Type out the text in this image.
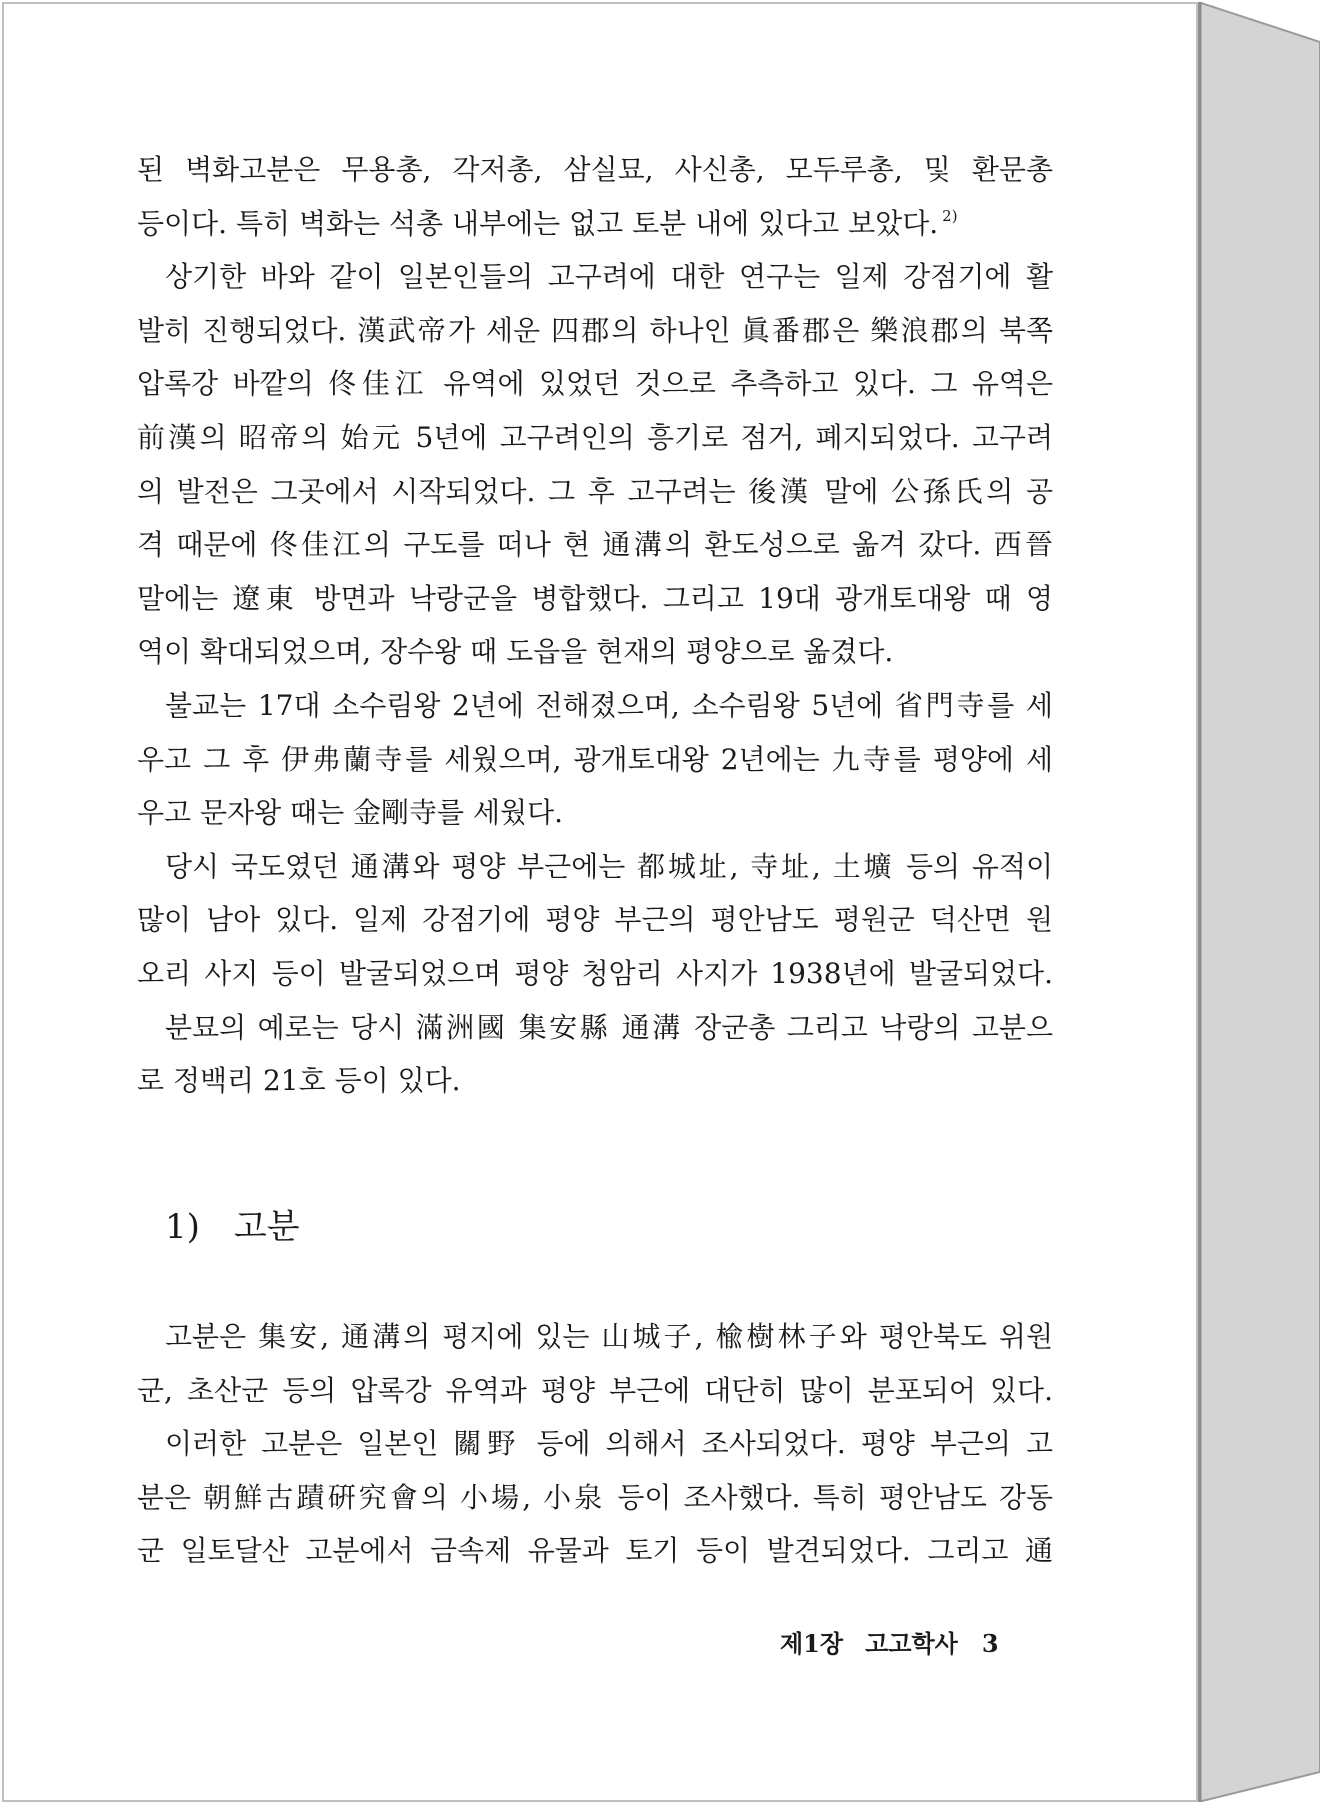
된 벽화고분은 무용총, 각저총, 삼실묘, 사신총, 모두루총, 및 환문총
등이다. 특히 벽화는 석총 내부에는 없고 토분 내에 있다고 보았다. $^{2)}$
상기한 바와 같이 일본인들의 고구려에 대한 연구는 일제 강점기에 활
발히 진행되었다. 漢武帝가 세운 四郡의 하나인 眞番郡은 樂浪郡의 북쪽
압록강 바깥의 佟佳江 유역에 있었던 것으로 추측하고 있다. 그 유역은
前漢의 昭帝의 始元 5년에 고구려인의 흥기로 점거, 폐지되었다. 고구려
의 발전은 그곳에서 시작되었다. 그 후 고구려는 後漢 말에 公孫氏의 공
격 때문에 佟佳江의 구도를 떠나 현 通溝의 환도성으로 옮겨 갔다. 西晉
말에는 遼東 방면과 낙랑군을 병합했다. 그리고 19대 광개토대왕 때 영
역이 확대되었으며, 장수왕 때 도읍을 현재의 평양으로 옮겼다.
불교는 17대 소수림왕 2년에 전해졌으며, 소수림왕 5년에 省門寺를 세
우고 그 후 伊弗蘭寺를 세웠으며, 광개토대왕 2년에는 九寺를 평양에 세
우고 문자왕 때는 金剛寺를 세웠다.
당시 국도였던 通溝와 평양 부근에는 都城址, 寺址, 土壙 등의 유적이
많이 남아 있다. 일제 강점기에 평양 부근의 평안남도 평원군 덕산면 원
오리 사지 등이 발굴되었으며 평양 청암리 사지가 1938년에 발굴되었다.
분묘의 예로는 당시 滿洲國 集安縣 通溝 장군총 그리고 낙랑의 고분으
로 정백리 21호 등이 있다.
1) 고분
고분은 集安, 通溝의 평지에 있는 山城子, 楡樹林子와 평안북도 위원
군, 초산군 등의 압록강 유역과 평양 부근에 대단히 많이 분포되어 있다.
이러한 고분은 일본인 關野 등에 의해서 조사되었다. 평양 부근의 고
분은 朝鮮古蹟硏究會의 小場, 小泉 등이 조사했다. 특히 평안남도 강동
군 일토달산 고분에서 금속제 유물과 토기 등이 발견되었다. 그리고 通
제1장 고고학사 3
